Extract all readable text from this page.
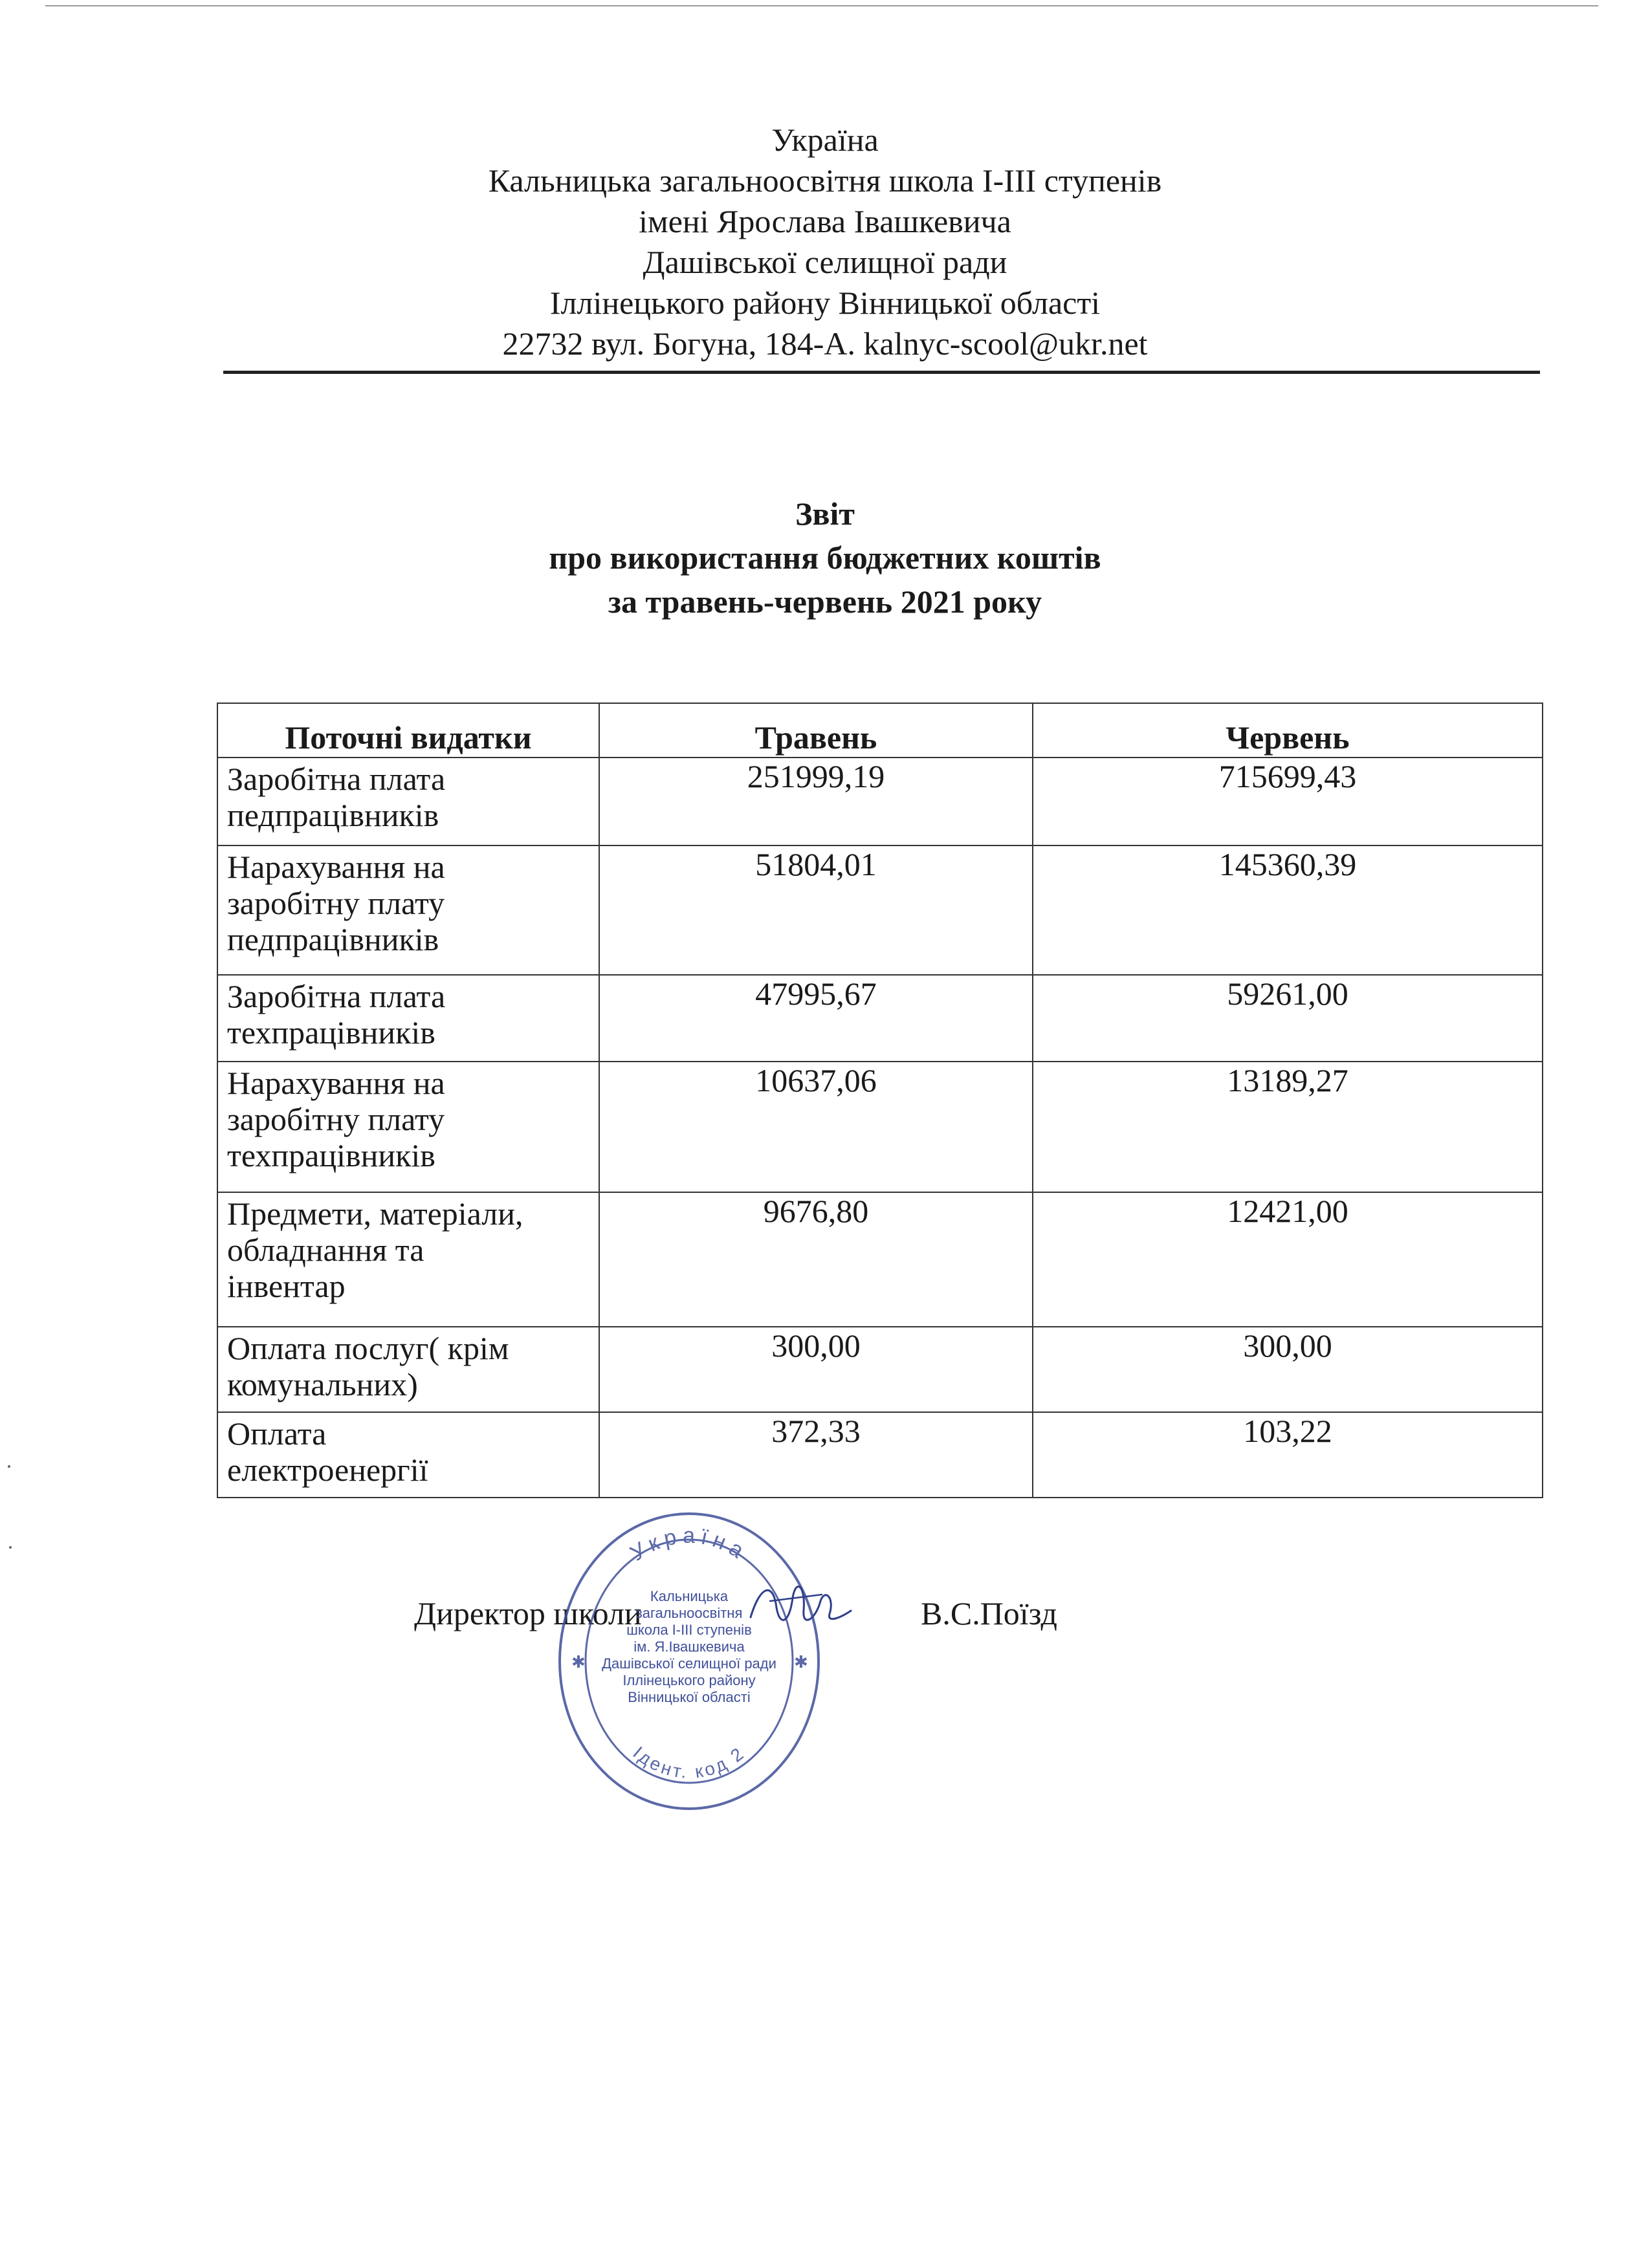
Україна
Кальницька загальноосвітня школа І-ІІІ ступенів
імені Ярослава Івашкевича
Дашівської селищної ради
Іллінецького району Вінницької області
22732 вул. Богуна, 184-А. kalnyc-scool@ukr.net
Звіт
про використання бюджетних коштів
за травень-червень 2021 року
Поточні видатки	Травень	Червень

Заробітна плата
педпрацівників	251999,19	715699,43

Нарахування на
заробітну плату
педпрацівників	51804,01	145360,39

Заробітна плата
техпрацівників	47995,67	59261,00

Нарахування на
заробітну плату
техпрацівників	10637,06	13189,27

Предмети, матеріали,
обладнання та
інвентар	9676,80	12421,00

Оплата послуг( крім
комунальних)	300,00	300,00

Оплата
електроенергії	372,33	103,22
Директор школи	В.С.Поїзд
Україна
Ідент. код 2
✱	✱
Кальницька
загальноосвітня
школа І-ІІІ ступенів
ім. Я.Івашкевича
Дашівської селищної ради
Іллінецького району
Вінницької області
